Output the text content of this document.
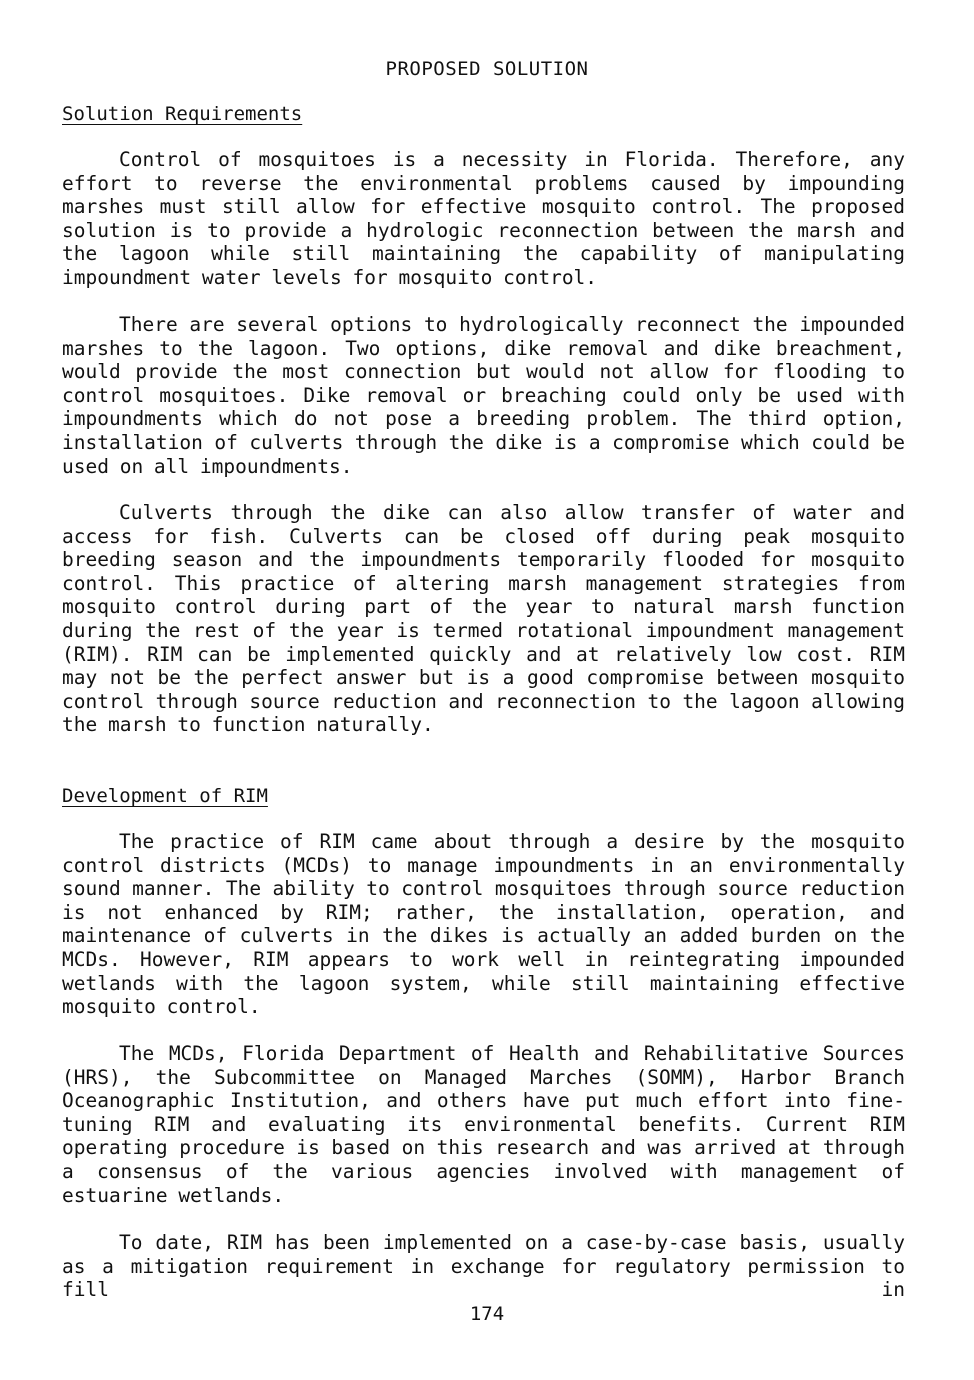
PROPOSED SOLUTION
Solution Requirements

Control of mosquitoes is a necessity in Florida. Therefore, any effort to reverse the environmental problems caused by impounding marshes must still allow for effective mosquito control. The proposed solution is to provide a hydrologic reconnection between the marsh and the lagoon while still maintaining the capability of manipulating impoundment water levels for mosquito control.

There are several options to hydrologically reconnect the impounded marshes to the lagoon. Two options, dike removal and dike breachment, would provide the most connection but would not allow for flooding to control mosquitoes. Dike removal or breaching could only be used with impoundments which do not pose a breeding problem. The third option, installation of culverts through the dike is a compromise which could be used on all impoundments.

Culverts through the dike can also allow transfer of water and access for fish. Culverts can be closed off during peak mosquito breeding season and the impoundments temporarily flooded for mosquito control. This practice of altering marsh management strategies from mosquito control during part of the year to natural marsh function during the rest of the year is termed rotational impoundment management (RIM). RIM can be implemented quickly and at relatively low cost. RIM may not be the perfect answer but is a good compromise between mosquito control through source reduction and reconnection to the lagoon allowing the marsh to function naturally.

Development of RIM

The practice of RIM came about through a desire by the mosquito control districts (MCDs) to manage impoundments in an environmentally sound manner. The ability to control mosquitoes through source reduction is not enhanced by RIM; rather, the installation, operation, and maintenance of culverts in the dikes is actually an added burden on the MCDs. However, RIM appears to work well in reintegrating impounded wetlands with the lagoon system, while still maintaining effective mosquito control.

The MCDs, Florida Department of Health and Rehabilitative Sources (HRS), the Subcommittee on Managed Marches (SOMM), Harbor Branch Oceanographic Institution, and others have put much effort into fine-tuning RIM and evaluating its environmental benefits. Current RIM operating procedure is based on this research and was arrived at through a consensus of the various agencies involved with management of estuarine wetlands.

To date, RIM has been implemented on a case-by-case basis, usually as a mitigation requirement in exchange for regulatory permission to fill in

174
